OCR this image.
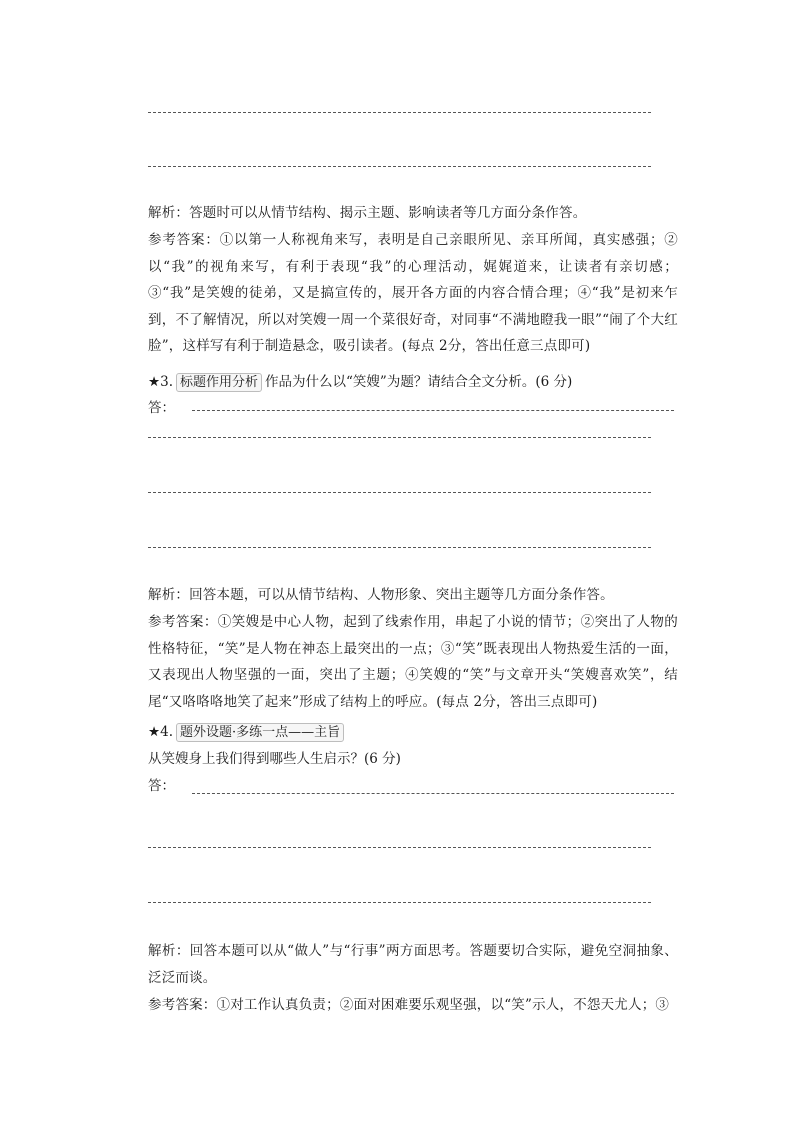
解析：答题时可以从情节结构、揭示主题、影响读者等几方面分条作答。
参考答案：①以第一人称视角来写，表明是自己亲眼所见、亲耳所闻，真实感强；②以“我”的视角来写，有利于表现“我”的心理活动，娓娓道来，让读者有亲切感；③“我”是笑嫂的徒弟，又是搞宣传的，展开各方面的内容合情合理；④“我”是初来乍到，不了解情况，所以对笑嫂一周一个菜很好奇，对同事“不满地瞪我一眼”“闹了个大红脸”，这样写有利于制造悬念，吸引读者。(每点 2分，答出任意三点即可)
★3. 标题作用分析 作品为什么以“笑嫂”为题？请结合全文分析。(6 分)
答：
解析：回答本题，可以从情节结构、人物形象、突出主题等几方面分条作答。
参考答案：①笑嫂是中心人物，起到了线索作用，串起了小说的情节；②突出了人物的性格特征，“笑”是人物在神态上最突出的一点；③“笑”既表现出人物热爱生活的一面，又表现出人物坚强的一面，突出了主题；④笑嫂的“笑”与文章开头“笑嫂喜欢笑”，结尾“又咯咯咯地笑了起来”形成了结构上的呼应。(每点 2分，答出三点即可)
★4. 题外设题·多练一点——主旨
从笑嫂身上我们得到哪些人生启示？(6 分)
答：
解析：回答本题可以从“做人”与“行事”两方面思考。答题要切合实际，避免空洞抽象、泛泛而谈。
参考答案：①对工作认真负责；②面对困难要乐观坚强，以“笑”示人，不怨天尤人；③
